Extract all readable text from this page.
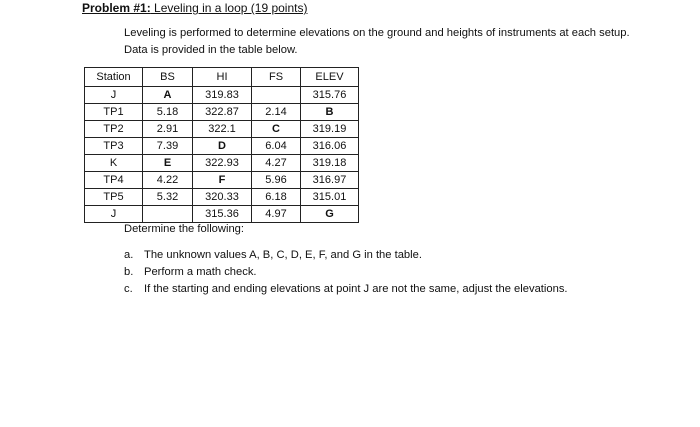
Problem #1: Leveling in a loop (19 points)
Leveling is performed to determine elevations on the ground and heights of instruments at each setup. Data is provided in the table below.
Station	BS	HI	FS	ELEV
J	A	319.83		315.76
TP1	5.18	322.87	2.14	B
TP2	2.91	322.1	C	319.19
TP3	7.39	D	6.04	316.06
K	E	322.93	4.27	319.18
TP4	4.22	F	5.96	316.97
TP5	5.32	320.33	6.18	315.01
J		315.36	4.97	G
Determine the following:
a. The unknown values A, B, C, D, E, F, and G in the table.
b. Perform a math check.
c. If the starting and ending elevations at point J are not the same, adjust the elevations.
